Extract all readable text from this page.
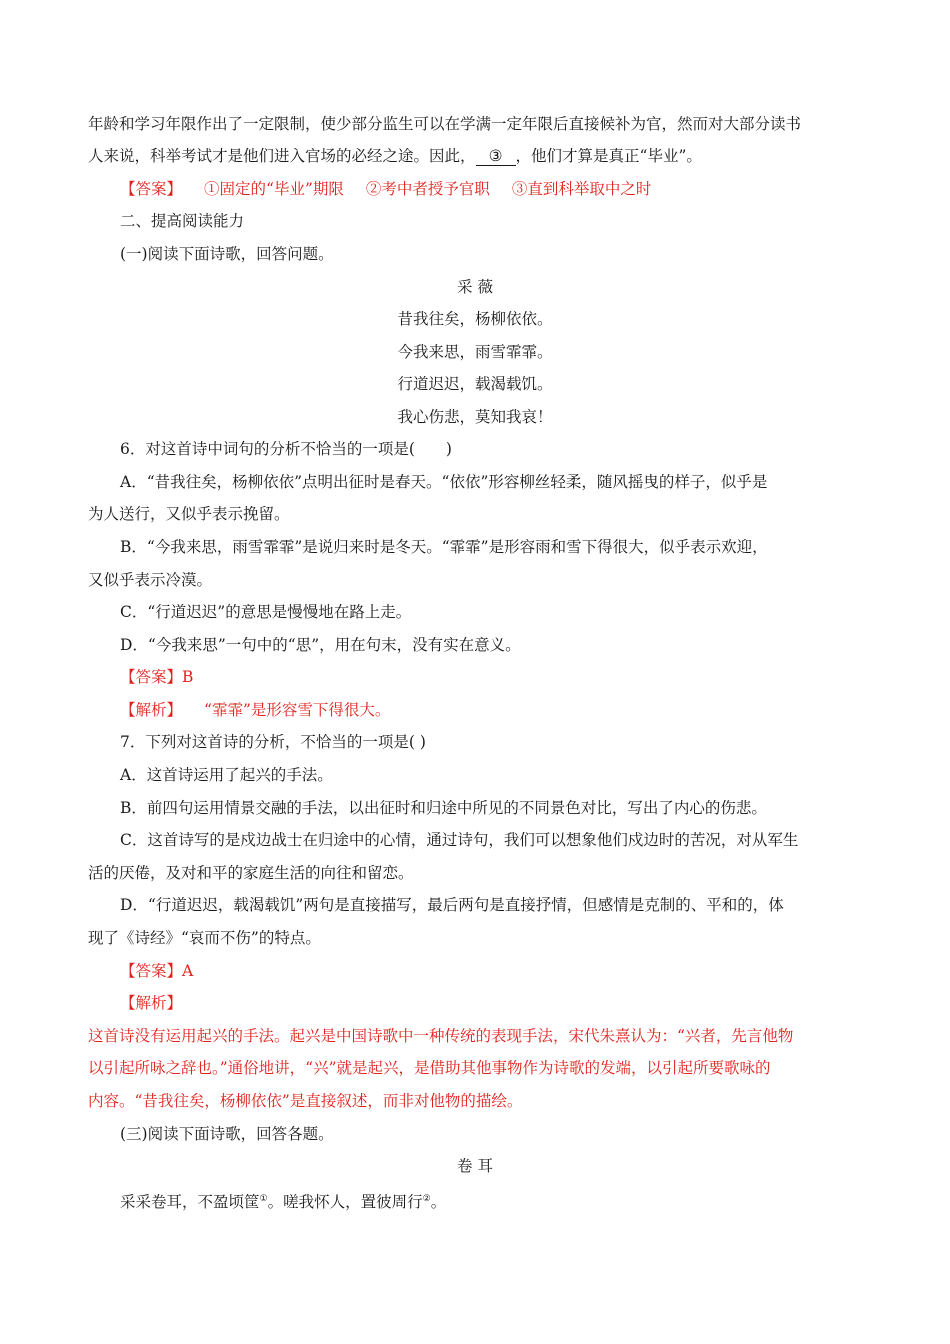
年龄和学习年限作出了一定限制，使少部分监生可以在学满一定年限后直接候补为官，然而对大部分读书
人来说，科举考试才是他们进入官场的必经之途。因此， ③ ，他们才算是真正“毕业”。
【答案】 ①固定的“毕业”期限 ②考中者授予官职 ③直到科举取中之时
二、提高阅读能力
(一)阅读下面诗歌，回答问题。
采 薇
昔我往矣，杨柳依依。
今我来思，雨雪霏霏。
行道迟迟，载渴载饥。
我心伤悲，莫知我哀！
6．对这首诗中词句的分析不恰当的一项是(　　)
A．“昔我往矣，杨柳依依”点明出征时是春天。“依依”形容柳丝轻柔，随风摇曳的样子，似乎是
为人送行，又似乎表示挽留。
B．“今我来思，雨雪霏霏”是说归来时是冬天。“霏霏”是形容雨和雪下得很大，似乎表示欢迎，
又似乎表示冷漠。
C．“行道迟迟”的意思是慢慢地在路上走。
D．“今我来思”一句中的“思”，用在句末，没有实在意义。
【答案】B
【解析】 “霏霏”是形容雪下得很大。
7．下列对这首诗的分析，不恰当的一项是( )
A．这首诗运用了起兴的手法。
B．前四句运用情景交融的手法，以出征时和归途中所见的不同景色对比，写出了内心的伤悲。
C．这首诗写的是戍边战士在归途中的心情，通过诗句，我们可以想象他们戍边时的苦况，对从军生
活的厌倦，及对和平的家庭生活的向往和留恋。
D．“行道迟迟，载渴载饥”两句是直接描写，最后两句是直接抒情，但感情是克制的、平和的，体
现了《诗经》“哀而不伤”的特点。
【答案】A
【解析】
这首诗没有运用起兴的手法。起兴是中国诗歌中一种传统的表现手法，宋代朱熹认为：“兴者，先言他物
以引起所咏之辞也。”通俗地讲，“兴”就是起兴，是借助其他事物作为诗歌的发端，以引起所要歌咏的
内容。“昔我往矣，杨柳依依”是直接叙述，而非对他物的描绘。
(三)阅读下面诗歌，回答各题。
卷 耳
采采卷耳，不盈顷筐①。嗟我怀人，置彼周行②。
